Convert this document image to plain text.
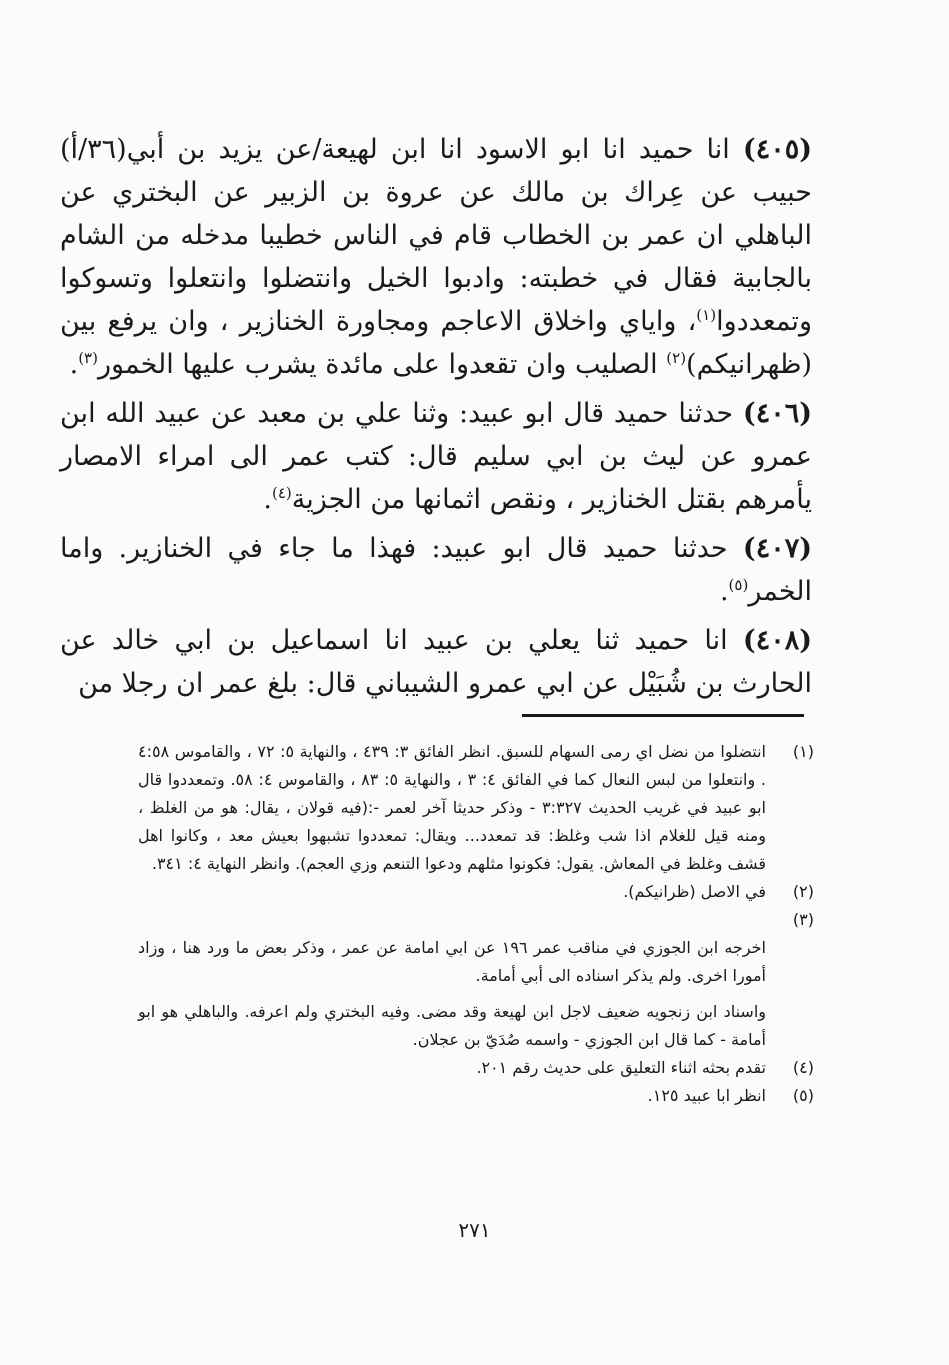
(٤٠٥) انا حميد انا ابو الاسود انا ابن لهيعة/عن يزيد بن أبي(٣٦/أ) حبيب عن عِراك بن مالك عن عروة بن الزبير عن البختري عن الباهلي ان عمر بن الخطاب قام في الناس خطيبا مدخله من الشام بالجابية فقال في خطبته: وادبوا الخيل وانتضلوا وانتعلوا وتسوكوا وتمعددوا$^{(١)}$، واياي واخلاق الاعاجم ومجاورة الخنازير ، وان يرفع بين (ظهرانيكم)$^{(٢)}$ الصليب وان تقعدوا على مائدة يشرب عليها الخمور$^{(٣)}$.

(٤٠٦) حدثنا حميد قال ابو عبيد: وثنا علي بن معبد عن عبيد الله ابن عمرو عن ليث بن ابي سليم قال: كتب عمر الى امراء الامصار يأمرهم بقتل الخنازير ، ونقص اثمانها من الجزية$^{(٤)}$.

(٤٠٧) حدثنا حميد قال ابو عبيد: فهذا ما جاء في الخنازير. واما الخمر$^{(٥)}$.

(٤٠٨) انا حميد ثنا يعلي بن عبيد انا اسماعيل بن ابي خالد عن الحارث بن شُبَيْل عن ابي عمرو الشيباني قال: بلغ عمر ان رجلا من

(١)
انتضلوا من نضل اي رمى السهام للسبق. انظر الفائق ٣: ٤٣٩ ، والنهاية ٥: ٧٢ ، والقاموس ٤:٥٨ . وانتعلوا من لبس النعال كما في الفائق ٤: ٣ ، والنهاية ٥: ٨٣ ، والقاموس ٤: ٥٨. وتمعددوا قال ابو عبيد في غريب الحديث ٣:٣٢٧ - وذكر حديثا آخر لعمر -:(فيه قولان ، يقال: هو من الغلظ ، ومنه قيل للغلام اذا شب وغلظ: قد تمعدد... ويقال: تمعددوا تشبهوا بعيش معد ، وكانوا اهل قشف وغلظ في المعاش. يقول: فكونوا مثلهم ودعوا التنعم وزي العجم). وانظر النهاية ٤: ٣٤١.
(٢)
في الاصل (ظرانيكم).
(٣)
اخرجه ابن الجوزي في مناقب عمر ١٩٦ عن ابي امامة عن عمر ، وذكر بعض ما ورد هنا ، وزاد أمورا اخرى. ولم يذكر اسناده الى أبي أمامة.
واسناد ابن زنجويه ضعيف لاجل ابن لهيعة وقد مضى. وفيه البختري ولم اعرفه. والباهلي هو ابو أمامة - كما قال ابن الجوزي - واسمه صُدَيّ بن عجلان.
(٤)
تقدم بحثه اثناء التعليق على حديث رقم ٢٠١.
(٥)
انظر ابا عبيد ١٢٥.
٢٧١
